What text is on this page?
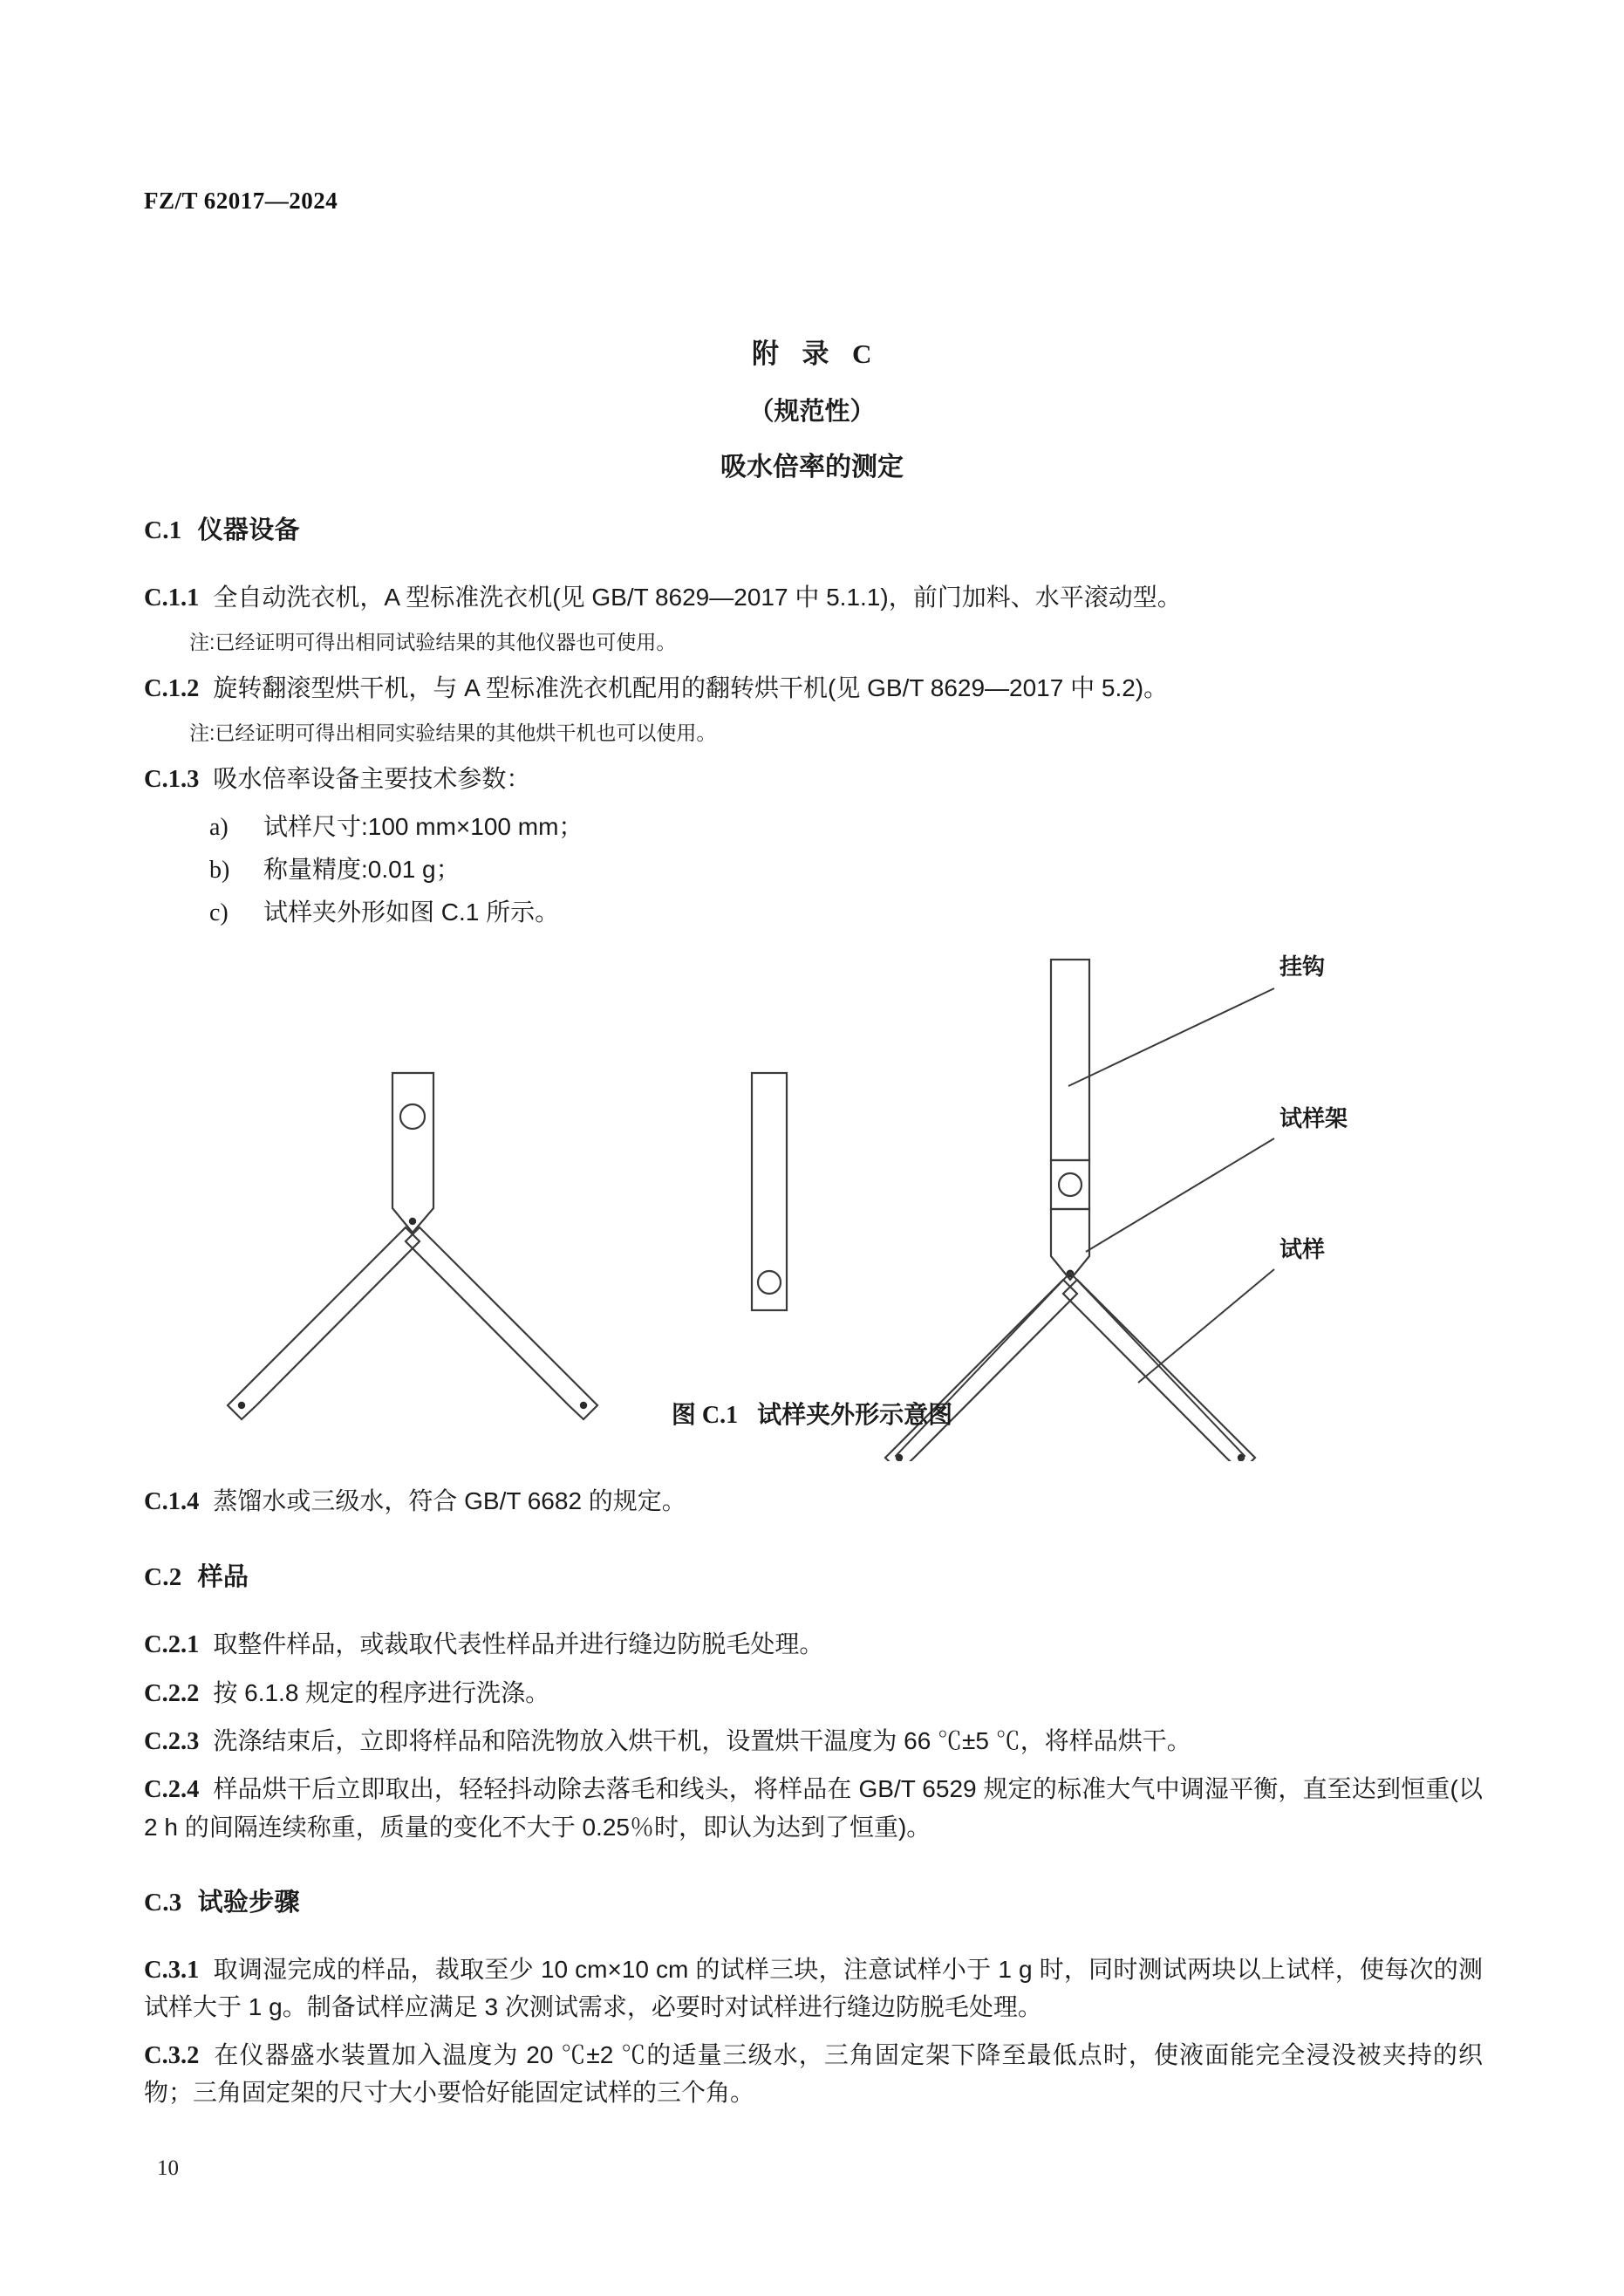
FZ/T 62017—2024
附 录 C
（规范性）
吸水倍率的测定
C.1 仪器设备

C.1.1 全自动洗衣机，A 型标准洗衣机(见 GB/T 8629—2017 中 5.1.1)，前门加料、水平滚动型。

注:已经证明可得出相同试验结果的其他仪器也可使用。

C.1.2 旋转翻滚型烘干机，与 A 型标准洗衣机配用的翻转烘干机(见 GB/T 8629—2017 中 5.2)。

注:已经证明可得出相同实验结果的其他烘干机也可以使用。

C.1.3 吸水倍率设备主要技术参数：

a) 试样尺寸:100 mm×100 mm；
b) 称量精度:0.01 g；
c) 试样夹外形如图 C.1 所示。
挂钩
试样架
试样
图 C.1 试样夹外形示意图

C.1.4 蒸馏水或三级水，符合 GB/T 6682 的规定。

C.2 样品

C.2.1 取整件样品，或裁取代表性样品并进行缝边防脱毛处理。

C.2.2 按 6.1.8 规定的程序进行洗涤。

C.2.3 洗涤结束后，立即将样品和陪洗物放入烘干机，设置烘干温度为 66 ℃±5 ℃，将样品烘干。

C.2.4 样品烘干后立即取出，轻轻抖动除去落毛和线头，将样品在 GB/T 6529 规定的标准大气中调湿平衡，直至达到恒重(以 2 h 的间隔连续称重，质量的变化不大于 0.25％时，即认为达到了恒重)。

C.3 试验步骤

C.3.1 取调湿完成的样品，裁取至少 10 cm×10 cm 的试样三块，注意试样小于 1 g 时，同时测试两块以上试样，使每次的测试样大于 1 g。制备试样应满足 3 次测试需求，必要时对试样进行缝边防脱毛处理。

C.3.2 在仪器盛水装置加入温度为 20 ℃±2 ℃的适量三级水，三角固定架下降至最低点时，使液面能完全浸没被夹持的织物；三角固定架的尺寸大小要恰好能固定试样的三个角。

10
